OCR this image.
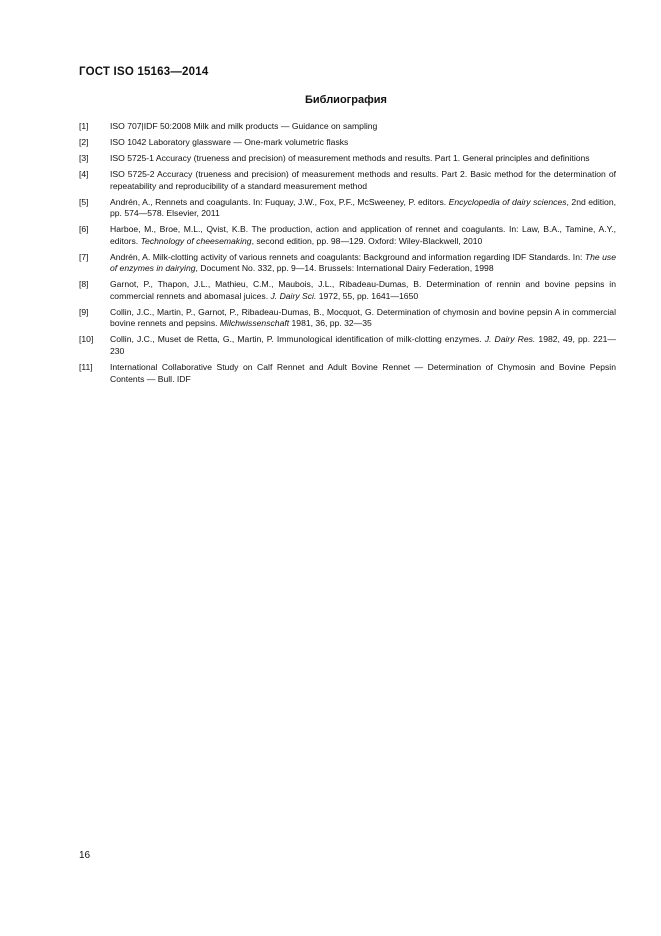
ГОСТ ISO 15163—2014
Библиография
[1]	ISO 707|IDF 50:2008 Milk and milk products — Guidance on sampling
[2]	ISO 1042 Laboratory glassware — One-mark volumetric flasks
[3]	ISO 5725-1 Accuracy (trueness and precision) of measurement methods and results. Part 1. General principles and definitions
[4]	ISO 5725-2 Accuracy (trueness and precision) of measurement methods and results. Part 2. Basic method for the determination of repeatability and reproducibility of a standard measurement method
[5]	Andrén, A., Rennets and coagulants. In: Fuquay, J.W., Fox, P.F., McSweeney, P. editors. Encyclopedia of dairy sciences, 2nd edition, pp. 574—578. Elsevier, 2011
[6]	Harboe, M., Broe, M.L., Qvist, K.B. The production, action and application of rennet and coagulants. In: Law, B.A., Tamine, A.Y., editors. Technology of cheesemaking, second edition, pp. 98—129. Oxford: Wiley-Blackwell, 2010
[7]	Andrén, A. Milk-clotting activity of various rennets and coagulants: Background and information regarding IDF Standards. In: The use of enzymes in dairying, Document No. 332, pp. 9—14. Brussels: International Dairy Federation, 1998
[8]	Garnot, P., Thapon, J.L., Mathieu, C.M., Maubois, J.L., Ribadeau-Dumas, B. Determination of rennin and bovine pepsins in commercial rennets and abomasal juices. J. Dairy Sci. 1972, 55, pp. 1641—1650
[9]	Collin, J.C., Martin, P., Garnot, P., Ribadeau-Dumas, B., Mocquot, G. Determination of chymosin and bovine pepsin A in commercial bovine rennets and pepsins. Milchwissenschaft 1981, 36, pp. 32—35
[10]	Collin, J.C., Muset de Retta, G., Martin, P. Immunological identification of milk-clotting enzymes. J. Dairy Res. 1982, 49, pp. 221—230
[11]	International Collaborative Study on Calf Rennet and Adult Bovine Rennet — Determination of Chymosin and Bovine Pepsin Contents — Bull. IDF
16
